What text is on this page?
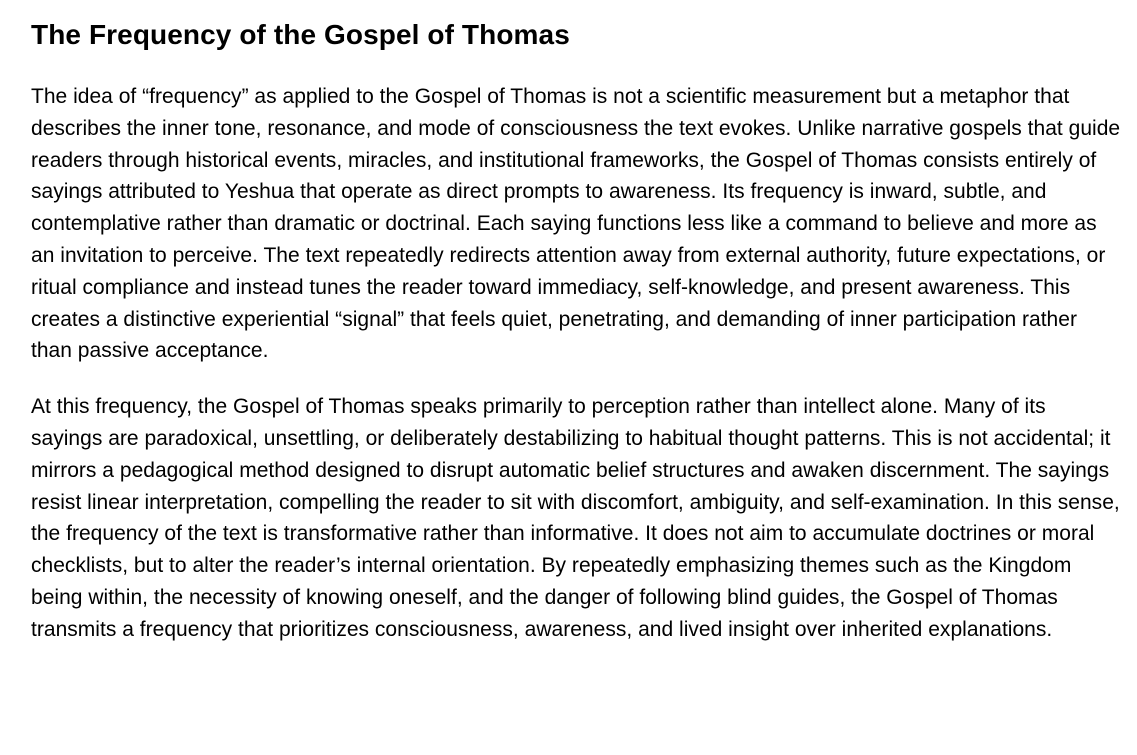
The Frequency of the Gospel of Thomas

The idea of “frequency” as applied to the Gospel of Thomas is not a scientific measurement but a metaphor that describes the inner tone, resonance, and mode of consciousness the text evokes. Unlike narrative gospels that guide readers through historical events, miracles, and institutional frameworks, the Gospel of Thomas consists entirely of sayings attributed to Yeshua that operate as direct prompts to awareness. Its frequency is inward, subtle, and contemplative rather than dramatic or doctrinal. Each saying functions less like a command to believe and more as an invitation to perceive. The text repeatedly redirects attention away from external authority, future expectations, or ritual compliance and instead tunes the reader toward immediacy, self-knowledge, and present awareness. This creates a distinctive experiential “signal” that feels quiet, penetrating, and demanding of inner participation rather than passive acceptance.

At this frequency, the Gospel of Thomas speaks primarily to perception rather than intellect alone. Many of its sayings are paradoxical, unsettling, or deliberately destabilizing to habitual thought patterns. This is not accidental; it mirrors a pedagogical method designed to disrupt automatic belief structures and awaken discernment. The sayings resist linear interpretation, compelling the reader to sit with discomfort, ambiguity, and self-examination. In this sense, the frequency of the text is transformative rather than informative. It does not aim to accumulate doctrines or moral checklists, but to alter the reader’s internal orientation. By repeatedly emphasizing themes such as the Kingdom being within, the necessity of knowing oneself, and the danger of following blind guides, the Gospel of Thomas transmits a frequency that prioritizes consciousness, awareness, and lived insight over inherited explanations.
